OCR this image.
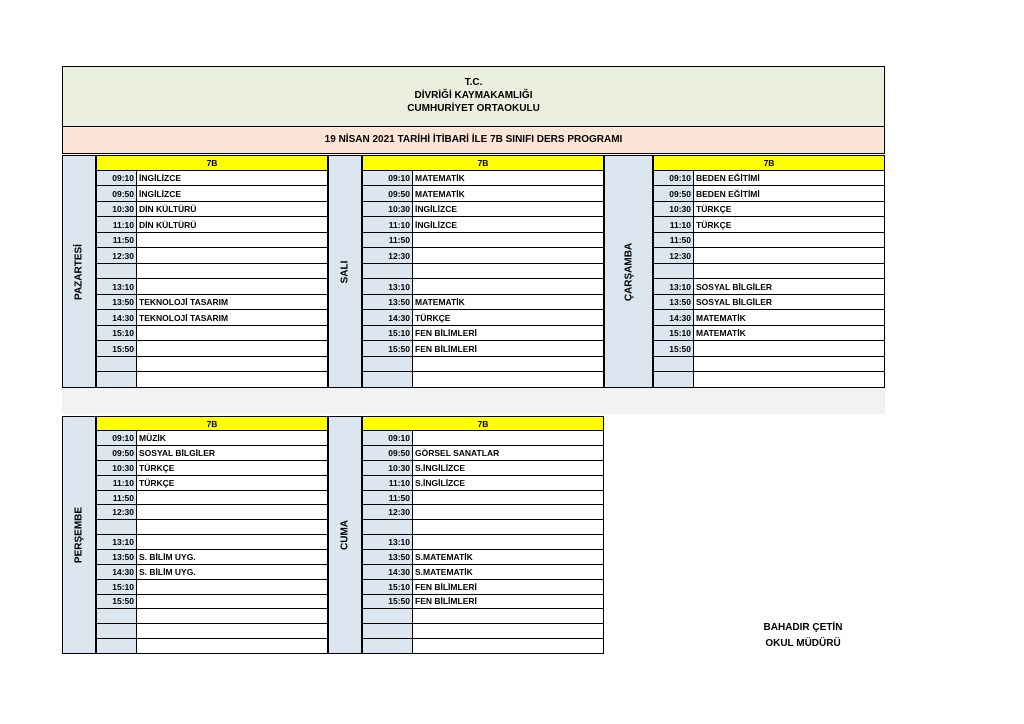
T.C.
DİVRİĞİ KAYMAKAMLIĞI
CUMHURİYET ORTAOKULU
19 NİSAN 2021 TARİHİ İTİBARİ İLE 7B SINIFI DERS PROGRAMI
PAZARTESİ
7B	
09:10	İNGİLİZCE
09:50	İNGİLİZCE
10:30	DİN KÜLTÜRÜ
11:10	DİN KÜLTÜRÜ
11:50	
12:30	

13:10	
13:50	TEKNOLOJİ TASARIM
14:30	TEKNOLOJİ TASARIM
15:10	
15:50	

SALI
7B	
09:10	MATEMATİK
09:50	MATEMATİK
10:30	İNGİLİZCE
11:10	İNGİLİZCE
11:50	
12:30	

13:10	
13:50	MATEMATİK
14:30	TÜRKÇE
15:10	FEN BİLİMLERİ
15:50	FEN BİLİMLERİ

ÇARŞAMBA
7B	
09:10	BEDEN EĞİTİMİ
09:50	BEDEN EĞİTİMİ
10:30	TÜRKÇE
11:10	TÜRKÇE
11:50	
12:30	

13:10	SOSYAL BİLGİLER
13:50	SOSYAL BİLGİLER
14:30	MATEMATİK
15:10	MATEMATİK
15:50	

PERŞEMBE
7B	
09:10	MÜZİK
09:50	SOSYAL BİLGİLER
10:30	TÜRKÇE
11:10	TÜRKÇE
11:50	
12:30	

13:10	
13:50	S. BİLİM UYG.
14:30	S. BİLİM UYG.
15:10	
15:50	

CUMA
7B	
09:10	
09:50	GÖRSEL SANATLAR
10:30	S.İNGİLİZCE
11:10	S.İNGİLİZCE
11:50	
12:30	

13:10	
13:50	S.MATEMATİK
14:30	S.MATEMATİK
15:10	FEN BİLİMLERİ
15:50	FEN BİLİMLERİ

BAHADIR ÇETİN
OKUL MÜDÜRÜ
